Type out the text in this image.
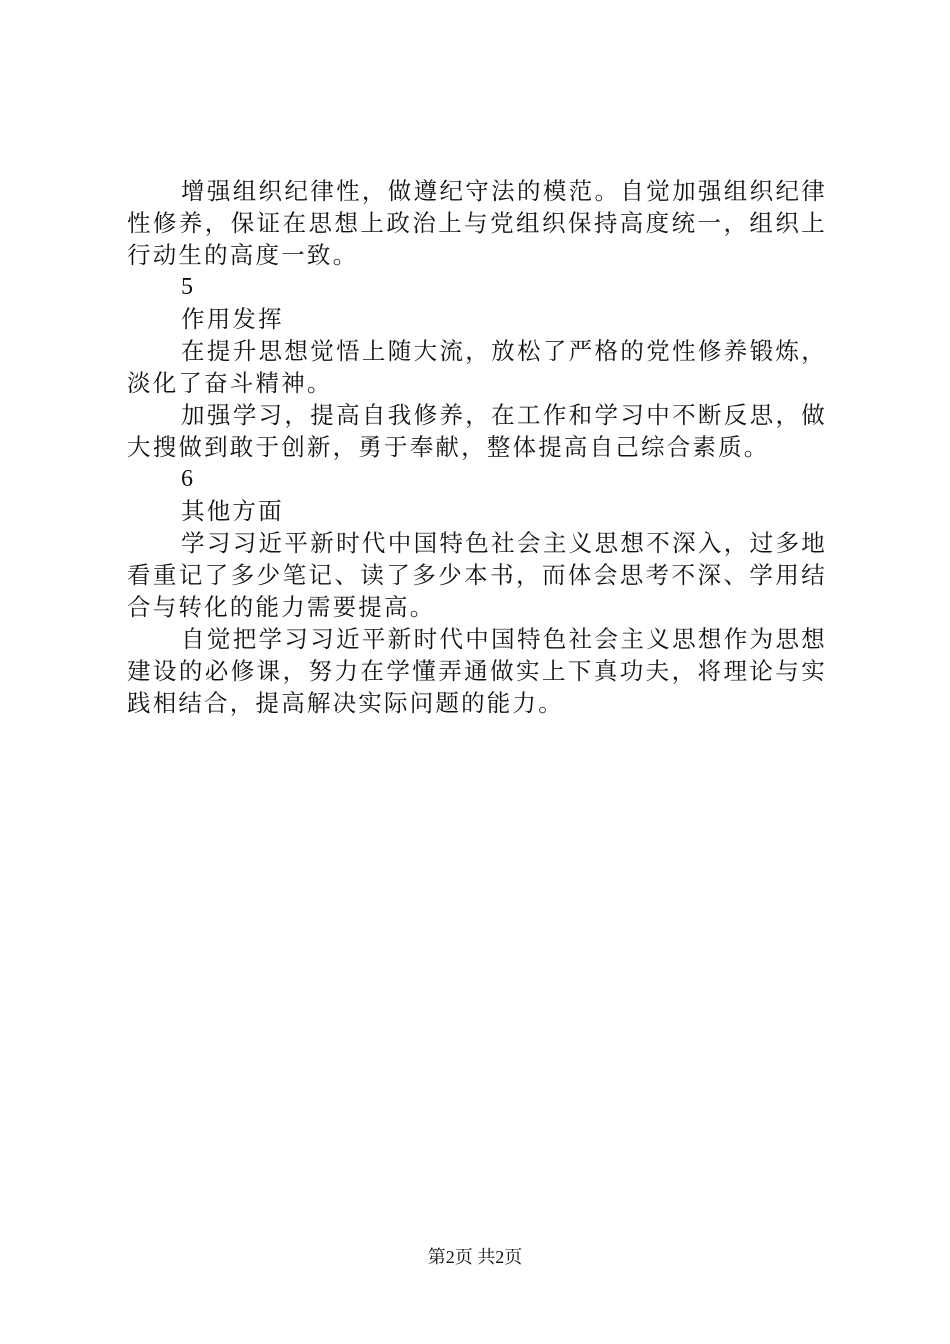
增强组织纪律性，做遵纪守法的模范。自觉加强组织纪律性修养，保证在思想上政治上与党组织保持高度统一，组织上行动生的高度一致。

5

作用发挥

在提升思想觉悟上随大流，放松了严格的党性修养锻炼，淡化了奋斗精神。

加强学习，提高自我修养，在工作和学习中不断反思，做大搜做到敢于创新，勇于奉献，整体提高自己综合素质。

6

其他方面

学习习近平新时代中国特色社会主义思想不深入，过多地看重记了多少笔记、读了多少本书，而体会思考不深、学用结合与转化的能力需要提高。

自觉把学习习近平新时代中国特色社会主义思想作为思想建设的必修课，努力在学懂弄通做实上下真功夫，将理论与实践相结合，提高解决实际问题的能力。

第2页 共2页
